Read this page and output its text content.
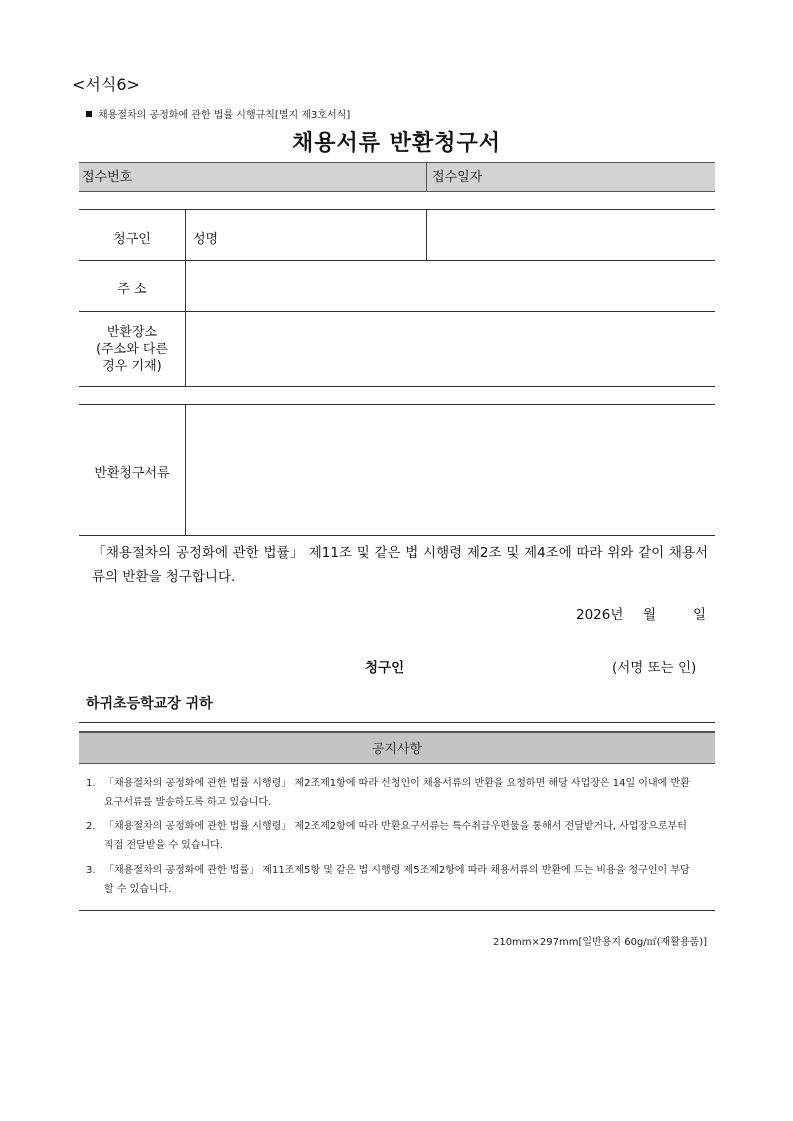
<서식6>
채용절차의 공정화에 관한 법률 시행규칙[별지 제3호서식]
채용서류 반환청구서
접수번호	접수일자
청구인	성명
주 소
반환장소
(주소와 다른
경우 기재)
반환청구서류
「채용절차의 공정화에 관한 법률」 제11조 및 같은 법 시행령 제2조 및 제4조에 따라 위와 같이 채용서류의 반환을 청구합니다.
2026년 월	일
청구인	(서명 또는 인)
하귀초등학교장 귀하
공지사항
1. 「채용절차의 공정화에 관한 법률 시행령」 제2조제1항에 따라 신청인이 채용서류의 반환을 요청하면 해당 사업장은 14일 이내에 반환
요구서류를 발송하도록 하고 있습니다.
2. 「채용절차의 공정화에 관한 법률 시행령」 제2조제2항에 따라 반환요구서류는 특수취급우편물을 통해서 전달받거나, 사업장으로부터
직접 전달받을 수 있습니다.
3. 「채용절차의 공정화에 관한 법률」 제11조제5항 및 같은 법 시행령 제5조제2항에 따라 채용서류의 반환에 드는 비용을 청구인이 부담
할 수 있습니다.
210mm×297mm[일반용지 60g/㎡(재활용품)]
